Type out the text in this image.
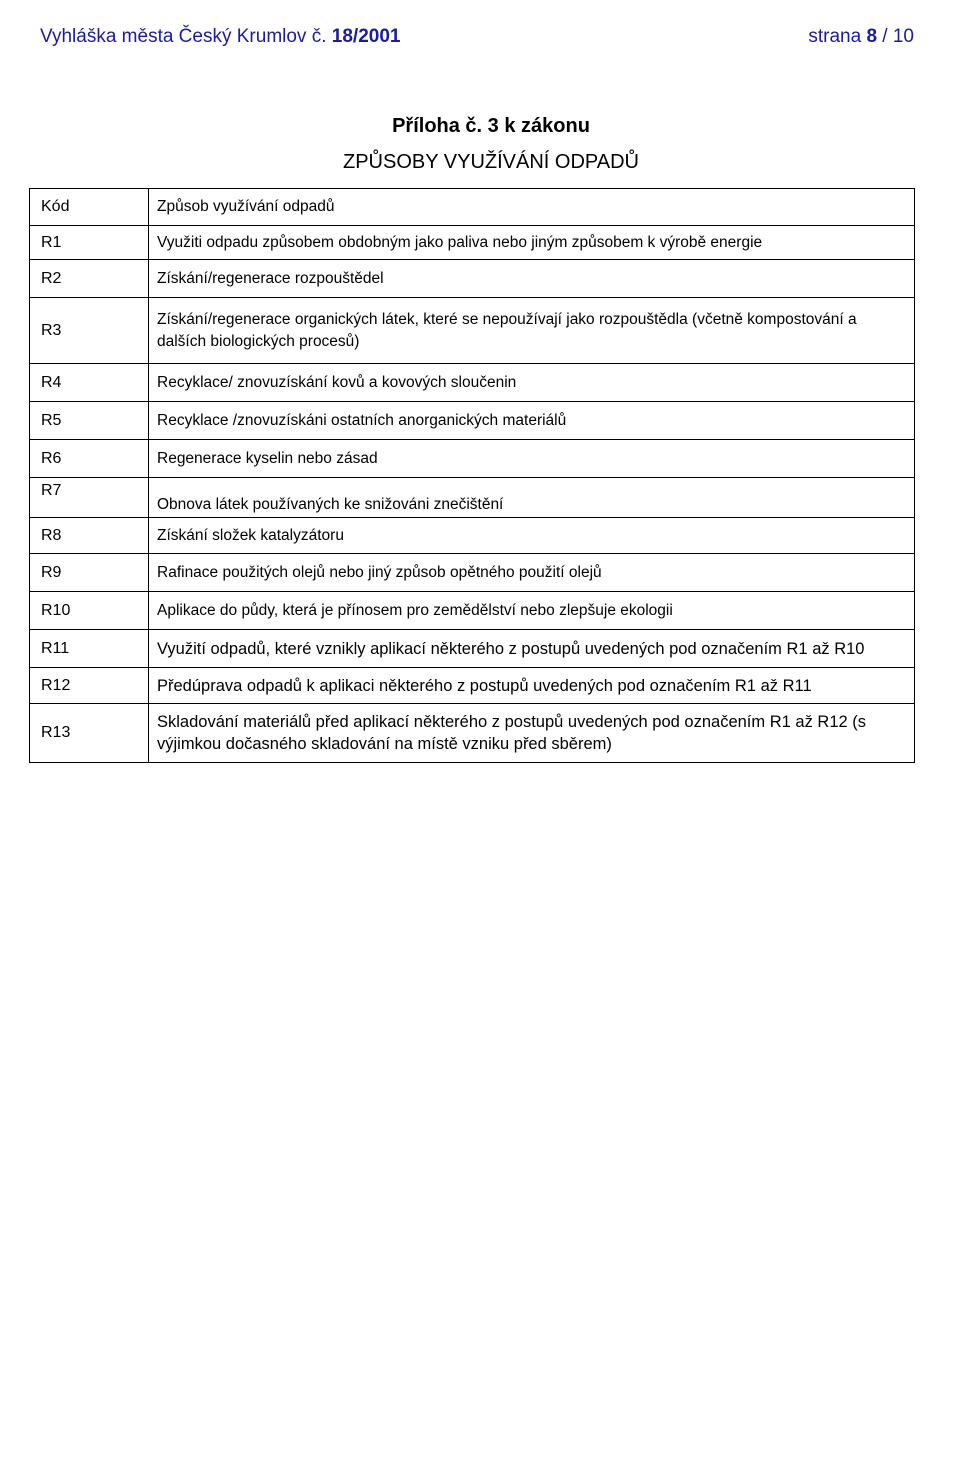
Vyhláška města Český Krumlov č. 18/2001	strana 8 / 10
Příloha č. 3 k zákonu
ZPŮSOBY VYUŽÍVÁNÍ ODPADŮ
Kód	Způsob využívání odpadů
R1	Využiti odpadu způsobem obdobným jako paliva nebo jiným způsobem k výrobě energie
R2	Získání/regenerace rozpouštědel
R3	Získání/regenerace organických látek, které se nepoužívají jako rozpouštědla (včetně kompostování a dalších biologických procesů)
R4	Recyklace/ znovuzískání kovů a kovových sloučenin
R5	Recyklace /znovuzískáni ostatních anorganických materiálů
R6	Regenerace kyselin nebo zásad
R7	Obnova látek používaných ke snižováni znečištění
R8	Získání složek katalyzátoru
R9	Rafinace použitých olejů nebo jiný způsob opětného použití olejů
R10	Aplikace do půdy, která je přínosem pro zemědělství nebo zlepšuje ekologii
R11	Využití odpadů, které vznikly aplikací některého z postupů uvedených pod označením R1 až R10
R12	Předúprava odpadů k aplikaci některého z postupů uvedených pod označením R1 až R11
R13	Skladování materiálů před aplikací některého z postupů uvedených pod označením R1 až R12 (s výjimkou dočasného skladování na místě vzniku před sběrem)
